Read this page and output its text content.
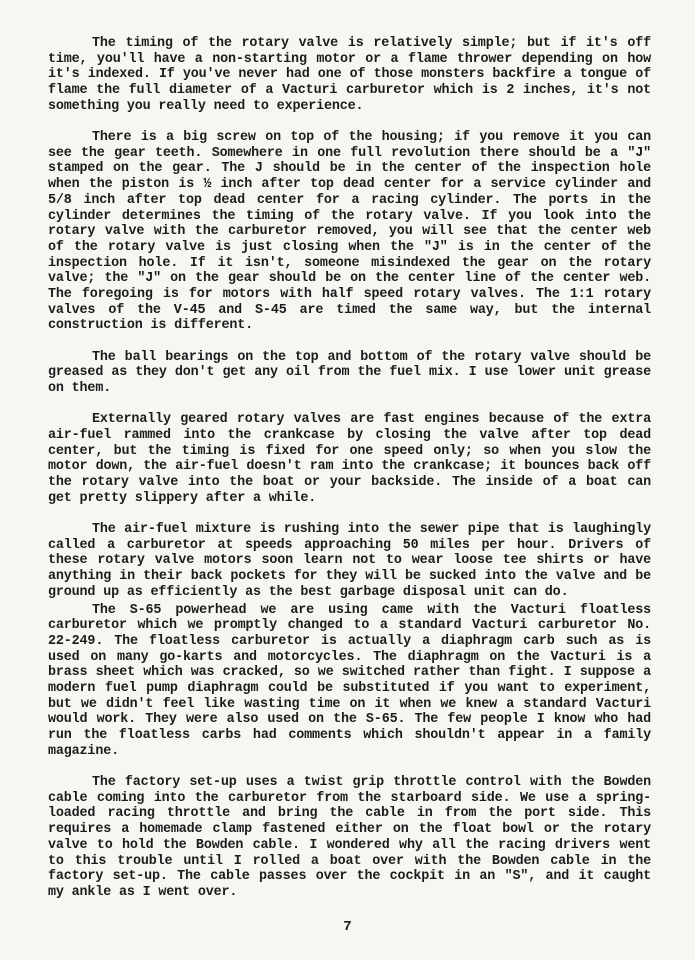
The timing of the rotary valve is relatively simple; but if it's off time, you'll have a non-starting motor or a flame thrower depending on how it's indexed. If you've never had one of those monsters backfire a tongue of flame the full diameter of a Vacturi carburetor which is 2 inches, it's not something you really need to experience.

There is a big screw on top of the housing; if you remove it you can see the gear teeth. Somewhere in one full revolution there should be a "J" stamped on the gear. The J should be in the center of the inspection hole when the piston is ½ inch after top dead center for a service cylinder and 5/8 inch after top dead center for a racing cylinder. The ports in the cylinder determines the timing of the rotary valve. If you look into the rotary valve with the carburetor removed, you will see that the center web of the rotary valve is just closing when the "J" is in the center of the inspection hole. If it isn't, someone misindexed the gear on the rotary valve; the "J" on the gear should be on the center line of the center web. The foregoing is for motors with half speed rotary valves. The 1:1 rotary valves of the V-45 and S-45 are timed the same way, but the internal construction is different.

The ball bearings on the top and bottom of the rotary valve should be greased as they don't get any oil from the fuel mix. I use lower unit grease on them.

Externally geared rotary valves are fast engines because of the extra air-fuel rammed into the crankcase by closing the valve after top dead center, but the timing is fixed for one speed only; so when you slow the motor down, the air-fuel doesn't ram into the crankcase; it bounces back off the rotary valve into the boat or your backside. The inside of a boat can get pretty slippery after a while.

The air-fuel mixture is rushing into the sewer pipe that is laughingly called a carburetor at speeds approaching 50 miles per hour. Drivers of these rotary valve motors soon learn not to wear loose tee shirts or have anything in their back pockets for they will be sucked into the valve and be ground up as efficiently as the best garbage disposal unit can do.

The S-65 powerhead we are using came with the Vacturi floatless carburetor which we promptly changed to a standard Vacturi carburetor No. 22-249. The floatless carburetor is actually a diaphragm carb such as is used on many go-karts and motorcycles. The diaphragm on the Vacturi is a brass sheet which was cracked, so we switched rather than fight. I suppose a modern fuel pump diaphragm could be substituted if you want to experiment, but we didn't feel like wasting time on it when we knew a standard Vacturi would work. They were also used on the S-65. The few people I know who had run the floatless carbs had comments which shouldn't appear in a family magazine.

The factory set-up uses a twist grip throttle control with the Bowden cable coming into the carburetor from the starboard side. We use a spring-loaded racing throttle and bring the cable in from the port side. This requires a homemade clamp fastened either on the float bowl or the rotary valve to hold the Bowden cable. I wondered why all the racing drivers went to this trouble until I rolled a boat over with the Bowden cable in the factory set-up. The cable passes over the cockpit in an "S", and it caught my ankle as I went over.

7
